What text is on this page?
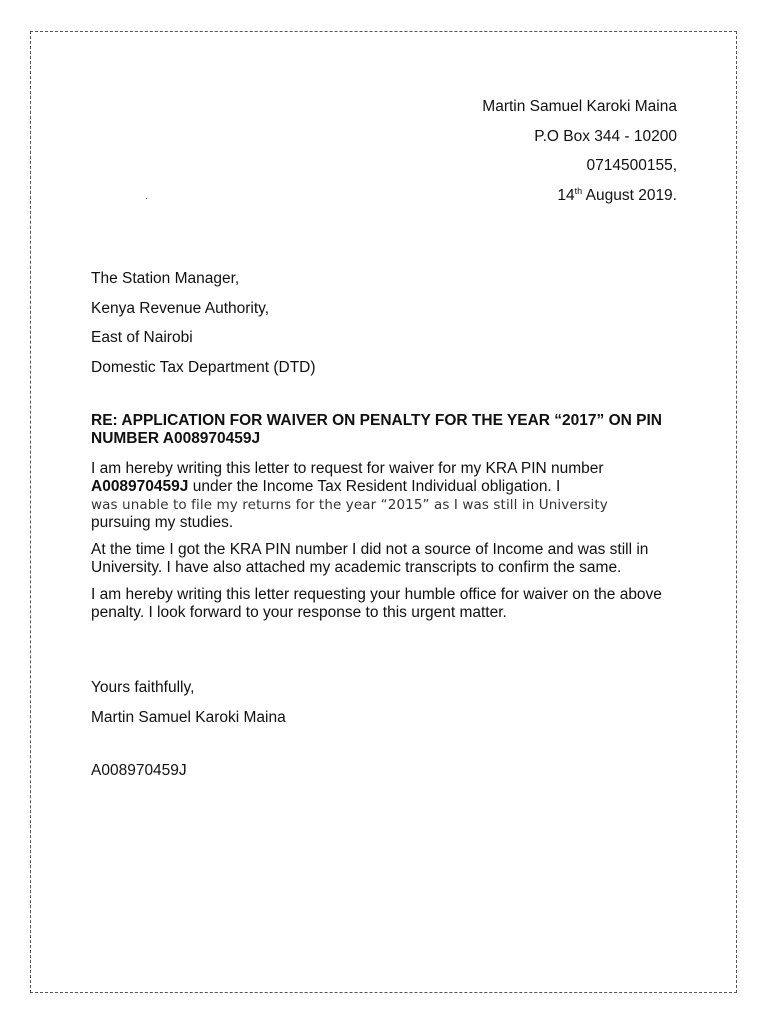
Martin Samuel Karoki Maina
P.O Box 344 - 10200
0714500155,
14th August 2019.
The Station Manager,
Kenya Revenue Authority,
East of Nairobi
Domestic Tax Department (DTD)
RE: APPLICATION FOR WAIVER ON PENALTY FOR THE YEAR “2017” ON PIN NUMBER A008970459J

I am hereby writing this letter to request for waiver for my KRA PIN number A008970459J under the Income Tax Resident Individual obligation. I
was unable to file my returns for the year “2015” as I was still in University
pursuing my studies.

At the time I got the KRA PIN number I did not a source of Income and was still in University. I have also attached my academic transcripts to confirm the same.

I am hereby writing this letter requesting your humble office for waiver on the above penalty. I look forward to your response to this urgent matter.

Yours faithfully,
Martin Samuel Karoki Maina
A008970459J
